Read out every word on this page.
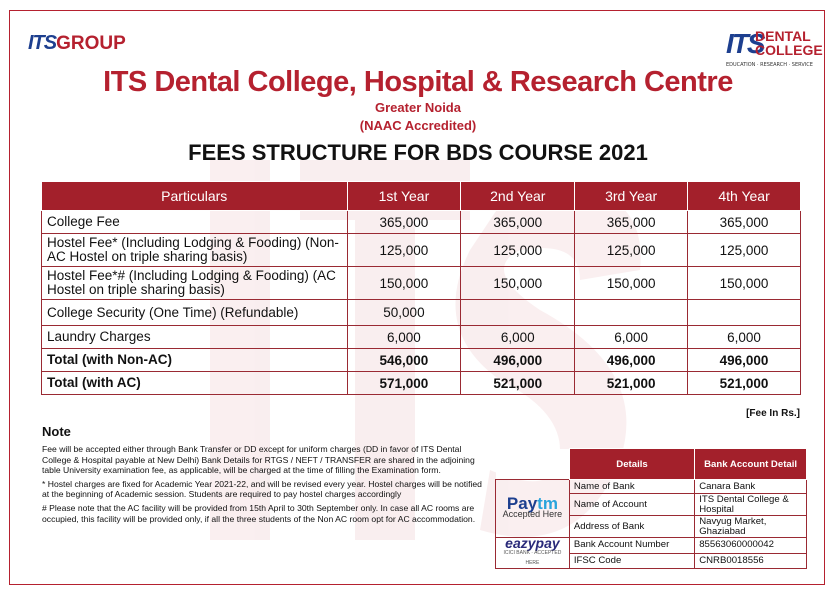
ITSGROUP	ITS
DENTAL
COLLEGE
EDUCATION · RESEARCH · SERVICE
ITS Dental College, Hospital & Research Centre
Greater Noida
(NAAC Accredited)
FEES STRUCTURE FOR BDS COURSE 2021
Particulars	1st Year	2nd Year	3rd Year	4th Year
College Fee	365,000	365,000	365,000	365,000
Hostel Fee* (Including Lodging & Fooding) (Non-AC Hostel on triple sharing basis)	125,000	125,000	125,000	125,000
Hostel Fee*# (Including Lodging & Fooding) (AC Hostel on triple sharing basis)	150,000	150,000	150,000	150,000
College Security (One Time) (Refundable)	50,000			
Laundry Charges	6,000	6,000	6,000	6,000
Total (with Non-AC)	546,000	496,000	496,000	496,000
Total (with AC)	571,000	521,000	521,000	521,000
[Fee In Rs.]
Note

Fee will be accepted either through Bank Transfer or DD except for uniform charges (DD in favor of ITS Dental College & Hospital payable at New Delhi) Bank Details for RTGS / NEFT / TRANSFER are shared in the adjoining table University examination fee, as applicable, will be charged at the time of filling the Examination form.

* Hostel charges are fixed for Academic Year 2021-22, and will be revised every year. Hostel charges will be notified at the beginning of Academic session. Students are required to pay hostel charges accordingly

# Please note that the AC facility will be provided from 15th April to 30th September only. In case all AC rooms are occupied, this facility will be provided only, if all the three students of the Non AC room opt for AC accommodation.

	Details	Bank Account Detail

Paytm
Accepted Here	Name of Bank	Canara Bank
	Name of Account	ITS Dental College & Hospital
	Address of Bank	Navyug Market, Ghaziabad

eazypay
ICICI BANK · ACCEPTED HERE	Bank Account Number	85563060000042
	IFSC Code	CNRB0018556
